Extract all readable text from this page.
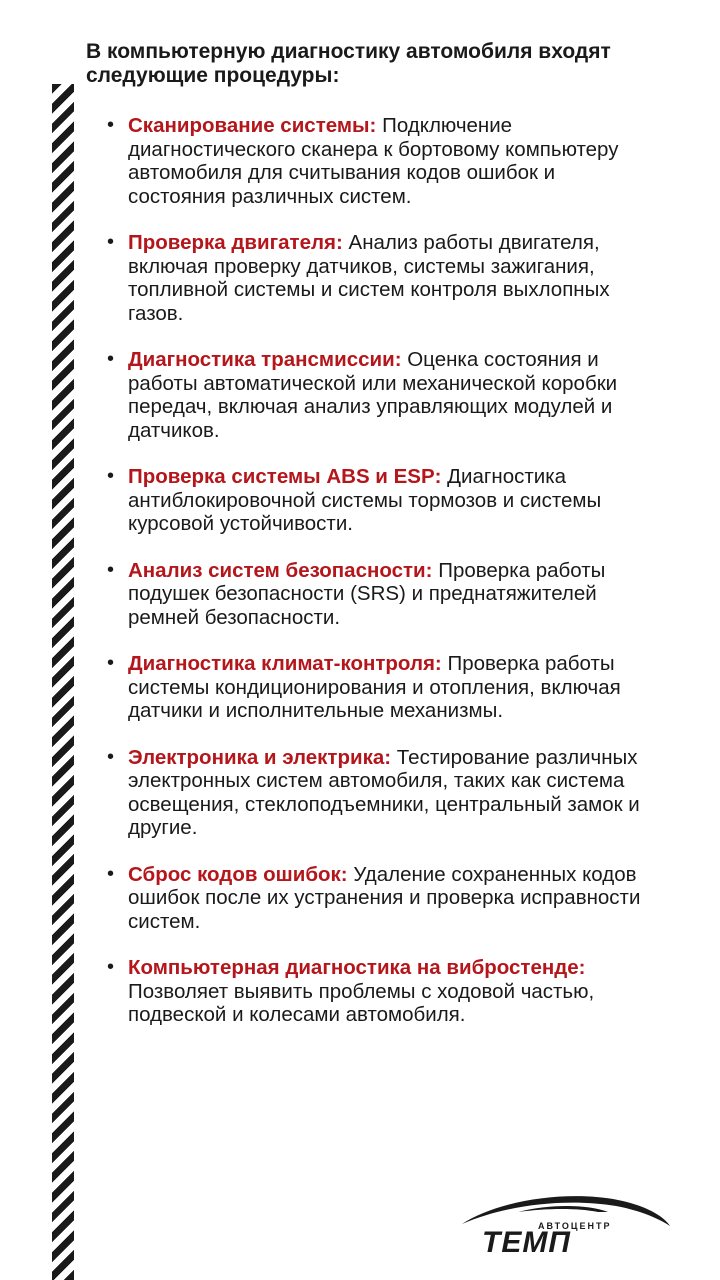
В компьютерную диагностику автомобиля входят следующие процедуры:
• Сканирование системы: Подключение диагностического сканера к бортовому компьютеру автомобиля для считывания кодов ошибок и состояния различных систем.
• Проверка двигателя: Анализ работы двигателя, включая проверку датчиков, системы зажигания, топливной системы и систем контроля выхлопных газов.
• Диагностика трансмиссии: Оценка состояния и работы автоматической или механической коробки передач, включая анализ управляющих модулей и датчиков.
• Проверка системы ABS и ESP: Диагностика антиблокировочной системы тормозов и системы курсовой устойчивости.
• Анализ систем безопасности: Проверка работы подушек безопасности (SRS) и преднатяжителей ремней безопасности.
• Диагностика климат-контроля: Проверка работы системы кондиционирования и отопления, включая датчики и исполнительные механизмы.
• Электроника и электрика: Тестирование различных электронных систем автомобиля, таких как система освещения, стеклоподъемники, центральный замок и другие.
• Сброс кодов ошибок: Удаление сохраненных кодов ошибок после их устранения и проверка исправности систем.
• Компьютерная диагностика на вибростенде: Позволяет выявить проблемы с ходовой частью, подвеской и колесами автомобиля.
АВТОЦЕНТР
ТЕМП
